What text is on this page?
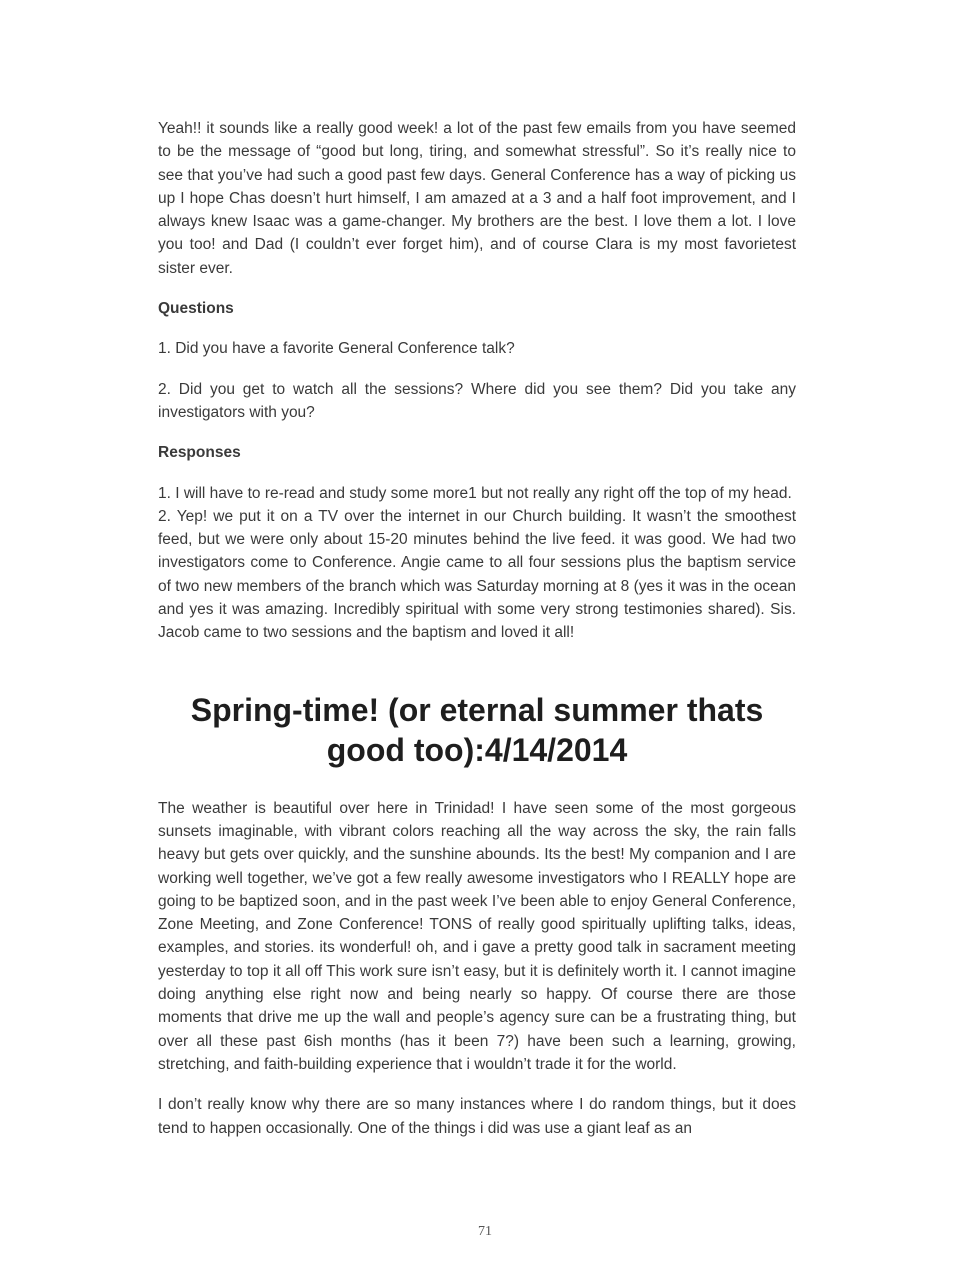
Yeah!! it sounds like a really good week! a lot of the past few emails from you have seemed to be the message of “good but long, tiring, and somewhat stressful”. So it’s really nice to see that you’ve had such a good past few days. General Conference has a way of picking us up I hope Chas doesn’t hurt himself, I am amazed at a 3 and a half foot improvement, and I always knew Isaac was a game-changer. My brothers are the best. I love them a lot. I love you too! and Dad (I couldn’t ever forget him), and of course Clara is my most favorietest sister ever.

Questions

1. Did you have a favorite General Conference talk?

2. Did you get to watch all the sessions? Where did you see them? Did you take any investigators with you?

Responses

1. I will have to re-read and study some more1 but not really any right off the top of my head.

2. Yep! we put it on a TV over the internet in our Church building. It wasn’t the smoothest feed, but we were only about 15-20 minutes behind the live feed. it was good. We had two investigators come to Conference. Angie came to all four sessions plus the baptism service of two new members of the branch which was Saturday morning at 8 (yes it was in the ocean and yes it was amazing. Incredibly spiritual with some very strong testimonies shared). Sis. Jacob came to two sessions and the baptism and loved it all!

Spring-time! (or eternal summer thats
good too):4/14/2014

The weather is beautiful over here in Trinidad! I have seen some of the most gorgeous sunsets imaginable, with vibrant colors reaching all the way across the sky, the rain falls heavy but gets over quickly, and the sunshine abounds. Its the best! My companion and I are working well together, we’ve got a few really awesome investigators who I REALLY hope are going to be baptized soon, and in the past week I’ve been able to enjoy General Conference, Zone Meeting, and Zone Conference! TONS of really good spiritually uplifting talks, ideas, examples, and stories. its wonderful! oh, and i gave a pretty good talk in sacrament meeting yesterday to top it all off This work sure isn’t easy, but it is definitely worth it. I cannot imagine doing anything else right now and being nearly so happy. Of course there are those moments that drive me up the wall and people’s agency sure can be a frustrating thing, but over all these past 6ish months (has it been 7?) have been such a learning, growing, stretching, and faith-building experience that i wouldn’t trade it for the world.

I don’t really know why there are so many instances where I do random things, but it does tend to happen occasionally. One of the things i did was use a giant leaf as an

71
